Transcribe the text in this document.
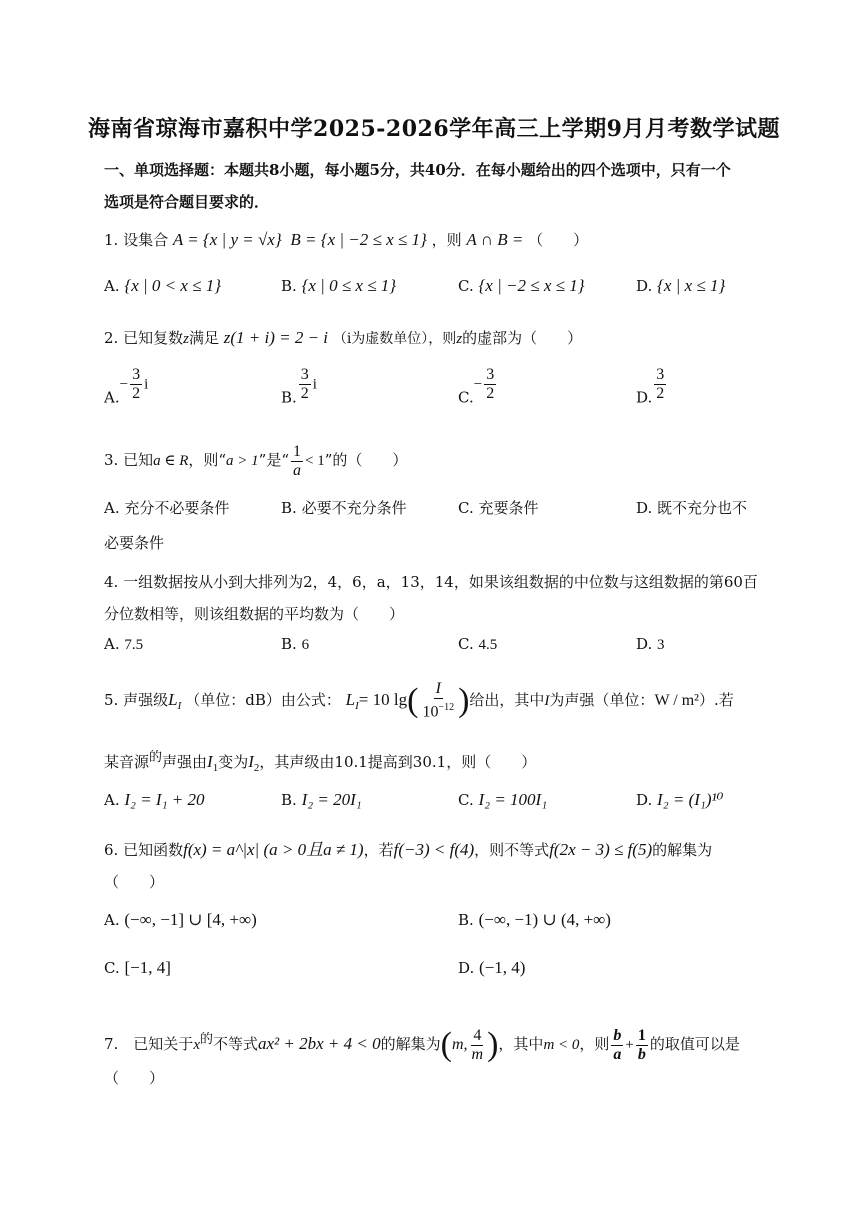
海南省琼海市嘉积中学2025-2026学年高三上学期9月月考数学试题
一、单项选择题：本题共8小题，每小题5分，共40分．在每小题给出的四个选项中，只有一个
选项是符合题目要求的．
1. 设集合 A = {x | y = √x} B = {x | −2 ≤ x ≤ 1} ，则 A ∩ B = （　　）
A. {x | 0 < x ≤ 1}	B. {x | 0 ≤ x ≤ 1}	C. {x | −2 ≤ x ≤ 1}	D. {x | x ≤ 1}
2. 已知复数z满足 z(1 + i) = 2 − i （i为虚数单位），则z的虚部为（　　）
$A.- \frac{3}{2}$ i
B. $\frac{3}{2}$ i
$C.- \frac{3}{2}$	D. $\frac{3}{2}$
3. 已知a ∈ R，则“a > 1”是“ $\frac{1}{a} < 1$”的（　　）
A. 充分不必要条件	B. 必要不充分条件	C. 充要条件	D. 既不充分也不
必要条件
4. 一组数据按从小到大排列为2，4，6，a，13，14，如果该组数据的中位数与这组数据的第60百
分位数相等，则该组数据的平均数为（　　）
A. 7.5	B. 6	C. 4.5	D. 3
5. 声强级$L_I$ （单位：dB）由公式： $L_I= 10$ $\lg( \frac{I}{10^{-12}}$ )给出，其中I为声强（单位：W / m²）.若
某音源$^的$声强由$I_1$变为$I_2$，其声级由10.1提高到30.1，则（　　）
A. I₂ = I₁ + 20	B. I₂ = 20I₁	C. I₂ = 100I₁	D. I₂ = (I₁)¹⁰
6. 已知函数f(x) = a^|x| (a > 0且a ≠ 1)，若f(−3) < f(4)，则不等式f(2x − 3) ≤ f(5)的解集为
（　　）
A. (−∞, −1] ∪ [4, +∞)	B. (−∞, −1) ∪ (4, +∞)
C. [−1, 4]	D. (−1, 4)
7.　已知关于$x^的$不等式ax² + 2bx + 4 < 0的解集为(m, $\frac{4}{m}$ )，其中m < 0，则 $\frac{b}{a} + \frac{1}{b}$ 的取值可以是
（　　）
